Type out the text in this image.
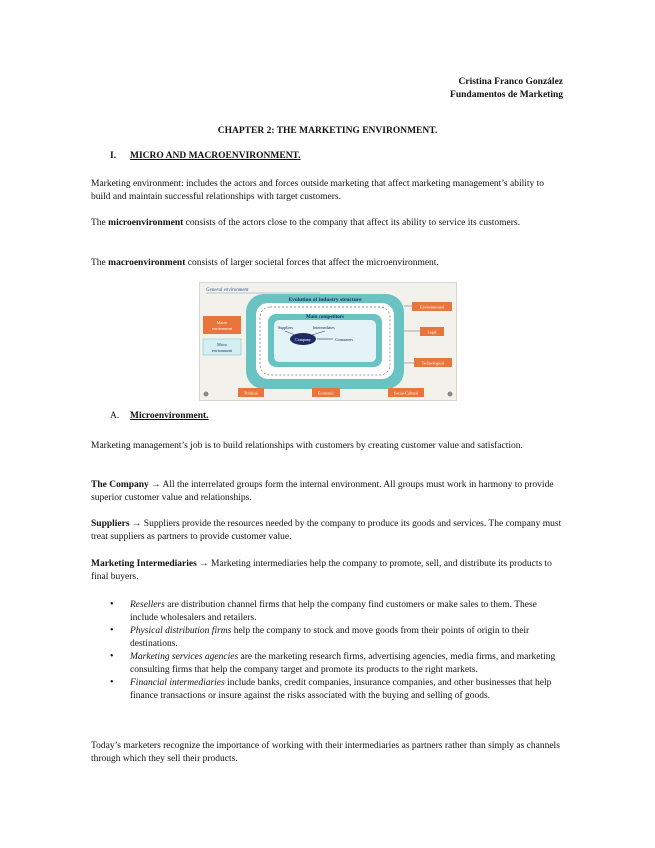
Cristina Franco González
Fundamentos de Marketing
CHAPTER 2: THE MARKETING ENVIRONMENT.
I. MICRO AND MACROENVIRONMENT.

Marketing environment: includes the actors and forces outside marketing that affect marketing management’s ability to build and maintain successful relationships with target customers.

The microenvironment consists of the actors close to the company that affect its ability to service its customers.

The macroenvironment consists of larger societal forces that affect the microenvironment.

General environment
Evolution of industry structure
Main competitors
Suppliers	Intermediates
Company	Consumers
Macro
environment
Micro
environment
Environmental
Legal
Technological
Political	Economic	Social-Cultural
A. Microenvironment.

Marketing management’s job is to build relationships with customers by creating customer value and satisfaction.

The Company → All the interrelated groups form the internal environment. All groups must work in harmony to provide superior customer value and relationships.

Suppliers → Suppliers provide the resources needed by the company to produce its goods and services. The company must treat suppliers as partners to provide customer value.

Marketing Intermediaries → Marketing intermediaries help the company to promote, sell, and distribute its products to final buyers.

• Resellers are distribution channel firms that help the company find customers or make sales to them. These include wholesalers and retailers.
• Physical distribution firms help the company to stock and move goods from their points of origin to their destinations.
• Marketing services agencies are the marketing research firms, advertising agencies, media firms, and marketing consulting firms that help the company target and promote its products to the right markets.
• Financial intermediaries include banks, credit companies, insurance companies, and other businesses that help finance transactions or insure against the risks associated with the buying and selling of goods.

Today’s marketers recognize the importance of working with their intermediaries as partners rather than simply as channels through which they sell their products.
